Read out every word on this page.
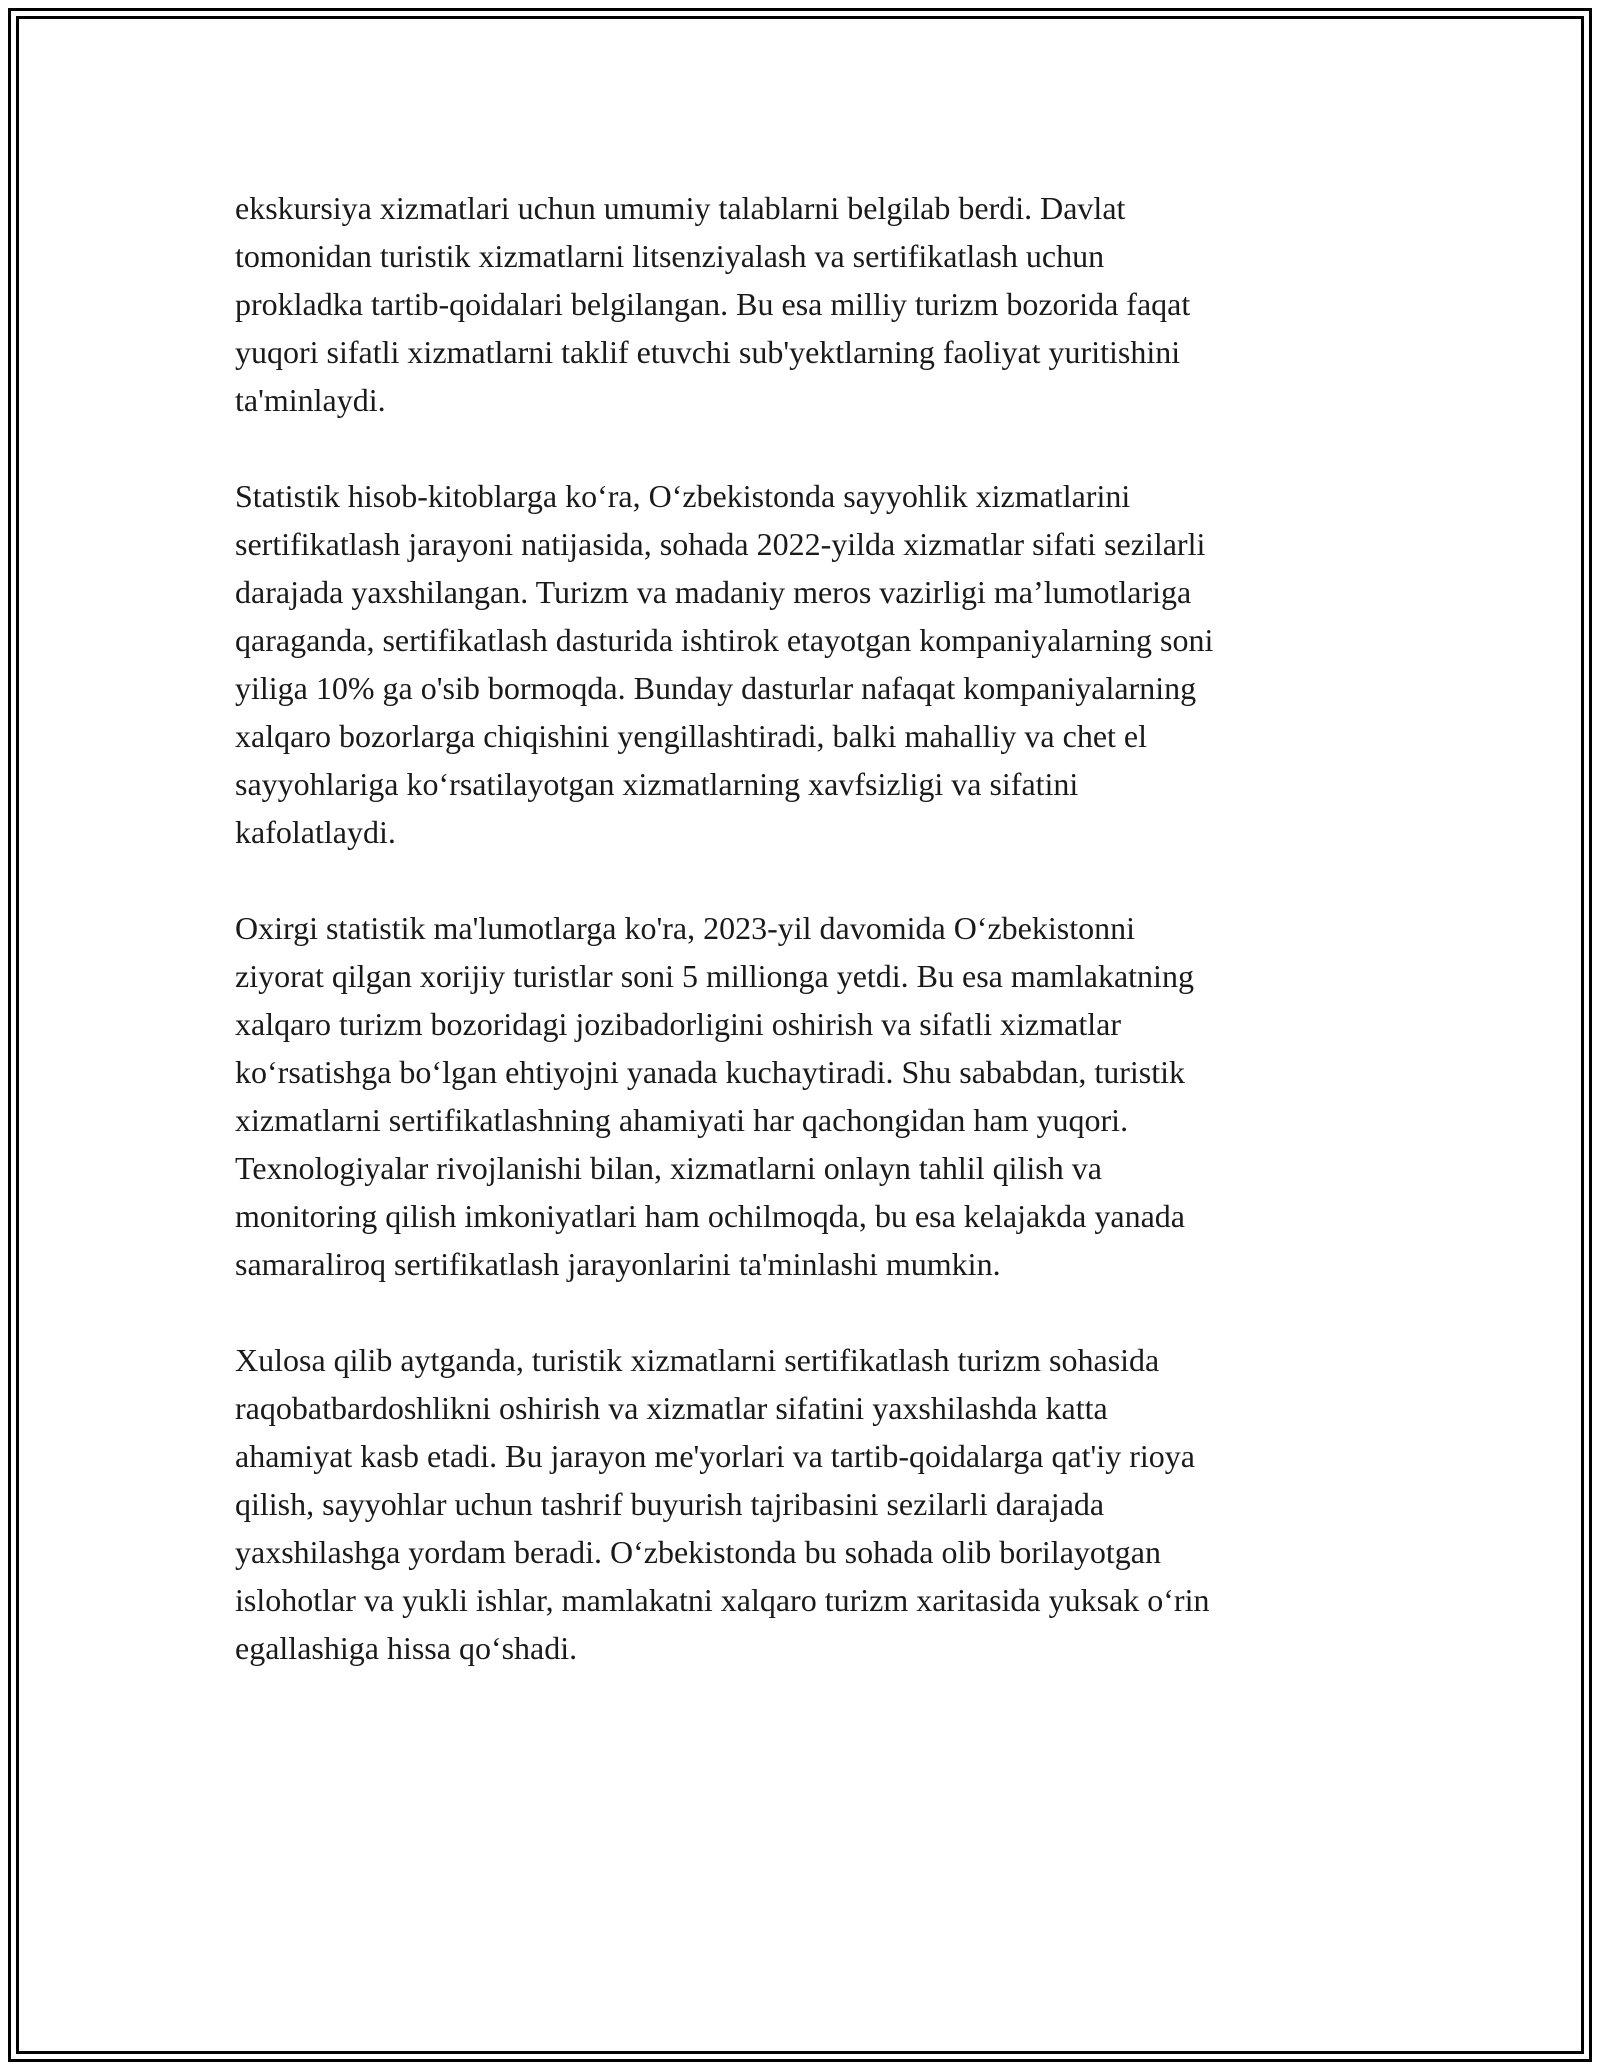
ekskursiya xizmatlari uchun umumiy talablarni belgilab berdi. Davlat
tomonidan turistik xizmatlarni litsenziyalash va sertifikatlash uchun
prokladka tartib-qoidalari belgilangan. Bu esa milliy turizm bozorida faqat
yuqori sifatli xizmatlarni taklif etuvchi sub'yektlarning faoliyat yuritishini
ta'minlaydi.

Statistik hisob-kitoblarga ko‘ra, O‘zbekistonda sayyohlik xizmatlarini
sertifikatlash jarayoni natijasida, sohada 2022-yilda xizmatlar sifati sezilarli
darajada yaxshilangan. Turizm va madaniy meros vazirligi ma’lumotlariga
qaraganda, sertifikatlash dasturida ishtirok etayotgan kompaniyalarning soni
yiliga 10% ga o'sib bormoqda. Bunday dasturlar nafaqat kompaniyalarning
xalqaro bozorlarga chiqishini yengillashtiradi, balki mahalliy va chet el
sayyohlariga ko‘rsatilayotgan xizmatlarning xavfsizligi va sifatini
kafolatlaydi.

Oxirgi statistik ma'lumotlarga ko'ra, 2023-yil davomida O‘zbekistonni
ziyorat qilgan xorijiy turistlar soni 5 millionga yetdi. Bu esa mamlakatning
xalqaro turizm bozoridagi jozibadorligini oshirish va sifatli xizmatlar
ko‘rsatishga bo‘lgan ehtiyojni yanada kuchaytiradi. Shu sababdan, turistik
xizmatlarni sertifikatlashning ahamiyati har qachongidan ham yuqori.
Texnologiyalar rivojlanishi bilan, xizmatlarni onlayn tahlil qilish va
monitoring qilish imkoniyatlari ham ochilmoqda, bu esa kelajakda yanada
samaraliroq sertifikatlash jarayonlarini ta'minlashi mumkin.

Xulosa qilib aytganda, turistik xizmatlarni sertifikatlash turizm sohasida
raqobatbardoshlikni oshirish va xizmatlar sifatini yaxshilashda katta
ahamiyat kasb etadi. Bu jarayon me'yorlari va tartib-qoidalarga qat'iy rioya
qilish, sayyohlar uchun tashrif buyurish tajribasini sezilarli darajada
yaxshilashga yordam beradi. O‘zbekistonda bu sohada olib borilayotgan
islohotlar va yukli ishlar, mamlakatni xalqaro turizm xaritasida yuksak o‘rin
egallashiga hissa qo‘shadi.
